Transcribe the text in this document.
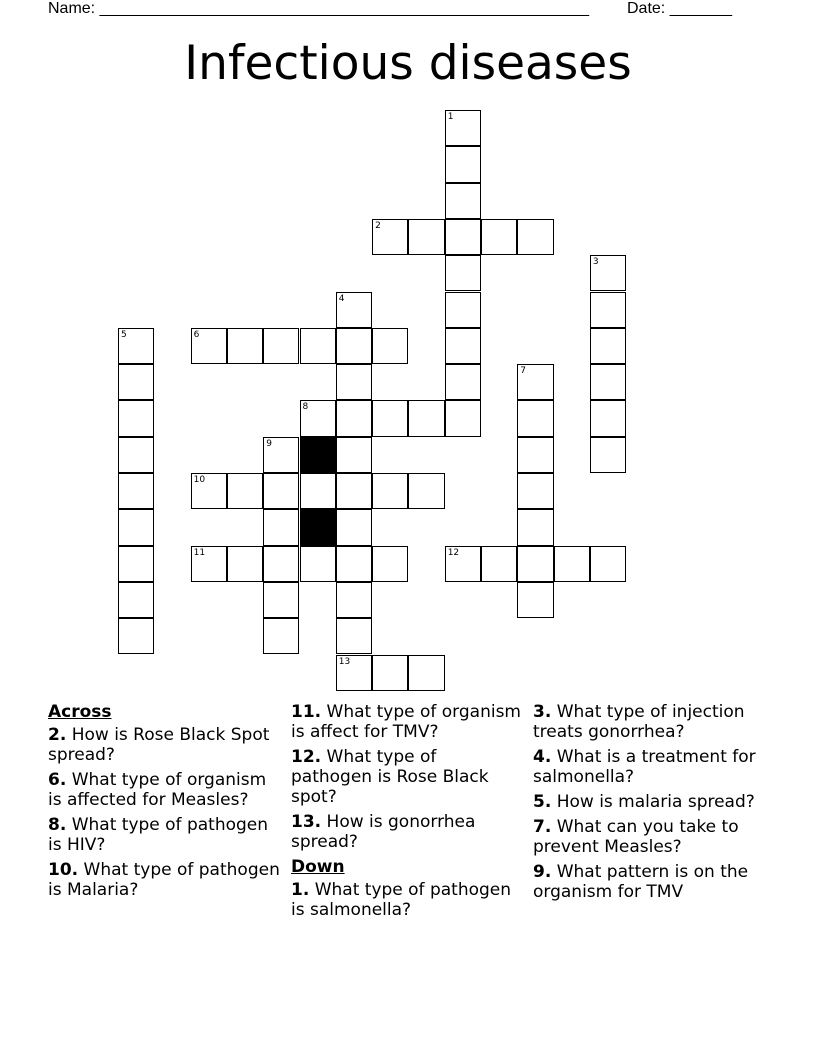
Name: _______________________________________________________ Date: _______
Infectious diseases
1
3
4
13
5
7
9
2
6
8
10
11	12
Across
2. How is Rose Black Spot spread?
6. What type of organism is affected for Measles?
8. What type of pathogen is HIV?
10. What type of pathogen is Malaria?
11. What type of organism is affect for TMV?
12. What type of pathogen is Rose Black spot?
13. How is gonorrhea spread?
Down
1. What type of pathogen is salmonella?
3. What type of injection treats gonorrhea?
4. What is a treatment for salmonella?
5. How is malaria spread?
7. What can you take to prevent Measles?
9. What pattern is on the organism for TMV
